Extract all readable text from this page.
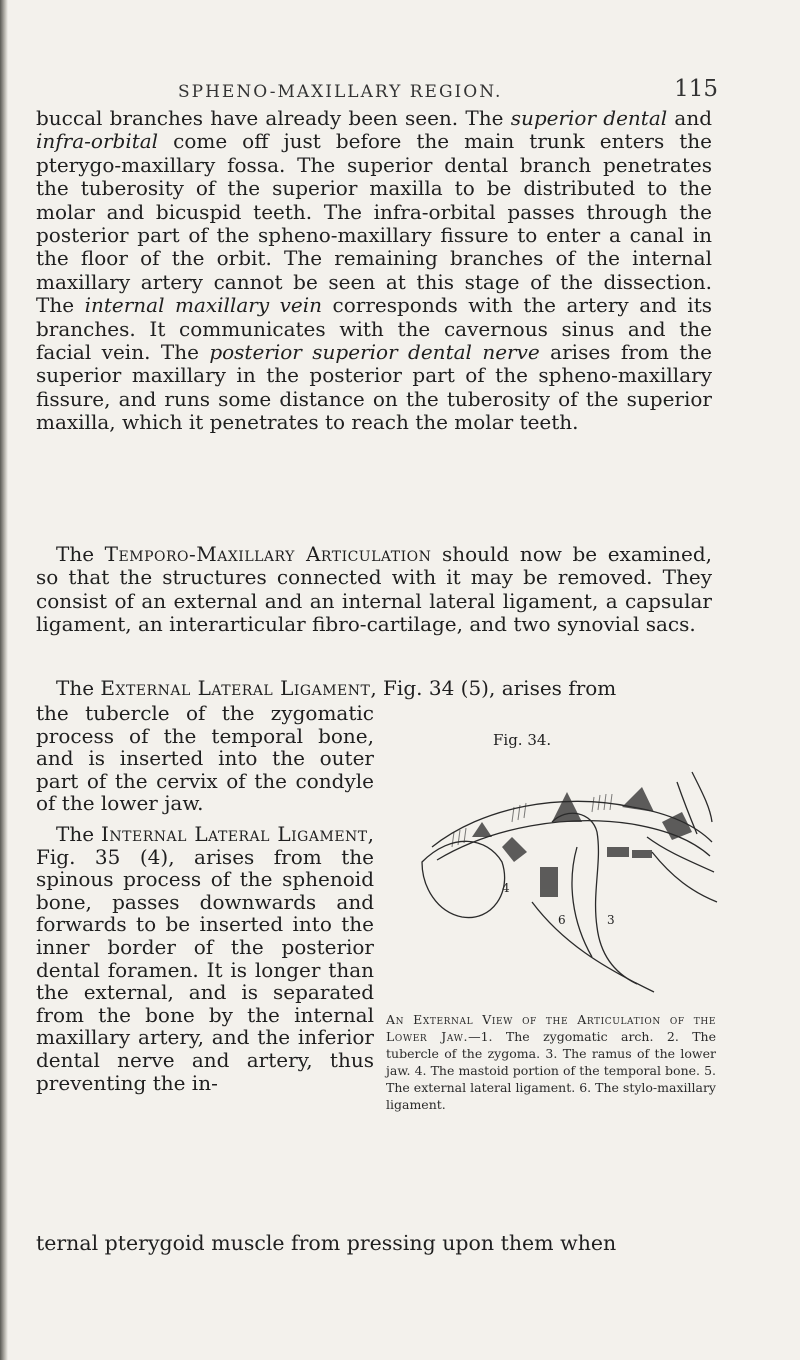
SPHENO-MAXILLARY REGION.	115

buccal branches have already been seen. The superior dental and infra-orbital come off just before the main trunk enters the pterygo-maxillary fossa. The superior dental branch penetrates the tuberosity of the superior maxilla to be distributed to the molar and bicuspid teeth. The infra-orbital passes through the posterior part of the spheno-maxillary fissure to enter a canal in the floor of the orbit. The remaining branches of the internal maxillary artery cannot be seen at this stage of the dissection. The internal maxillary vein corresponds with the artery and its branches. It communicates with the cavernous sinus and the facial vein. The posterior superior dental nerve arises from the superior maxillary in the posterior part of the spheno-maxillary fissure, and runs some distance on the tuberosity of the superior maxilla, which it penetrates to reach the molar teeth.

The Temporo-Maxillary Articulation should now be examined, so that the structures connected with it may be removed. They consist of an external and an internal lateral ligament, a capsular ligament, an interarticular fibro-cartilage, and two synovial sacs.

The External Lateral Ligament, Fig. 34 (5), arises from

the tubercle of the zygomatic process of the temporal bone, and is inserted into the outer part of the cervix of the condyle of the lower jaw.

The Internal Lateral Ligament, Fig. 35 (4), arises from the spinous process of the sphenoid bone, passes downwards and forwards to be inserted into the inner border of the posterior dental foramen. It is longer than the external, and is separated from the bone by the internal maxillary artery, and the inferior dental nerve and artery, thus preventing the in-

Fig. 34.
4
6	3
An External View of the Articulation of the Lower Jaw.—1. The zygomatic arch. 2. The tubercle of the zygoma. 3. The ramus of the lower jaw. 4. The mastoid portion of the temporal bone. 5. The external lateral ligament. 6. The stylo-maxillary ligament.
ternal pterygoid muscle from pressing upon them when
